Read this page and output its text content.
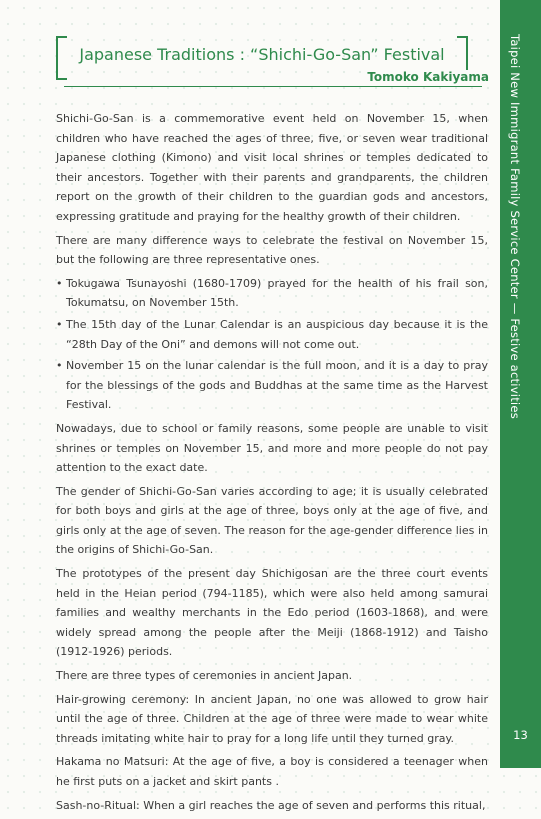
Japanese Traditions : “Shichi-Go-San” Festival
Tomoko Kakiyama

Shichi-Go-San is a commemorative event held on November 15, when children who have reached the ages of three, five, or seven wear traditional Japanese clothing (Kimono) and visit local shrines or temples dedicated to their ancestors. Together with their parents and grandparents, the children report on the growth of their children to the guardian gods and ancestors, expressing gratitude and praying for the healthy growth of their children.

There are many difference ways to celebrate the festival on November 15, but the following are three representative ones.

• Tokugawa Tsunayoshi (1680-1709) prayed for the health of his frail son, Tokumatsu, on November 15th.
• The 15th day of the Lunar Calendar is an auspicious day because it is the “28th Day of the Oni” and demons will not come out.
• November 15 on the lunar calendar is the full moon, and it is a day to pray for the blessings of the gods and Buddhas at the same time as the Harvest Festival.

Nowadays, due to school or family reasons, some people are unable to visit shrines or temples on November 15, and more and more people do not pay attention to the exact date.

The gender of Shichi-Go-San varies according to age; it is usually celebrated for both boys and girls at the age of three, boys only at the age of five, and girls only at the age of seven. The reason for the age-gender difference lies in the origins of Shichi-Go-San.

The prototypes of the present day Shichigosan are the three court events held in the Heian period (794-1185), which were also held among samurai families and wealthy merchants in the Edo period (1603-1868), and were widely spread among the people after the Meiji (1868-1912) and Taisho (1912-1926) periods.

There are three types of ceremonies in ancient Japan.

Hair-growing ceremony: In ancient Japan, no one was allowed to grow hair until the age of three. Children at the age of three were made to wear white threads imitating white hair to pray for a long life until they turned gray.

Hakama no Matsuri: At the age of five, a boy is considered a teenager when he first puts on a jacket and skirt pants .

Sash-no-Ritual: When a girl reaches the age of seven and performs this ritual,

Taipei New Immigrant Family Service Center — Festive activities
13
